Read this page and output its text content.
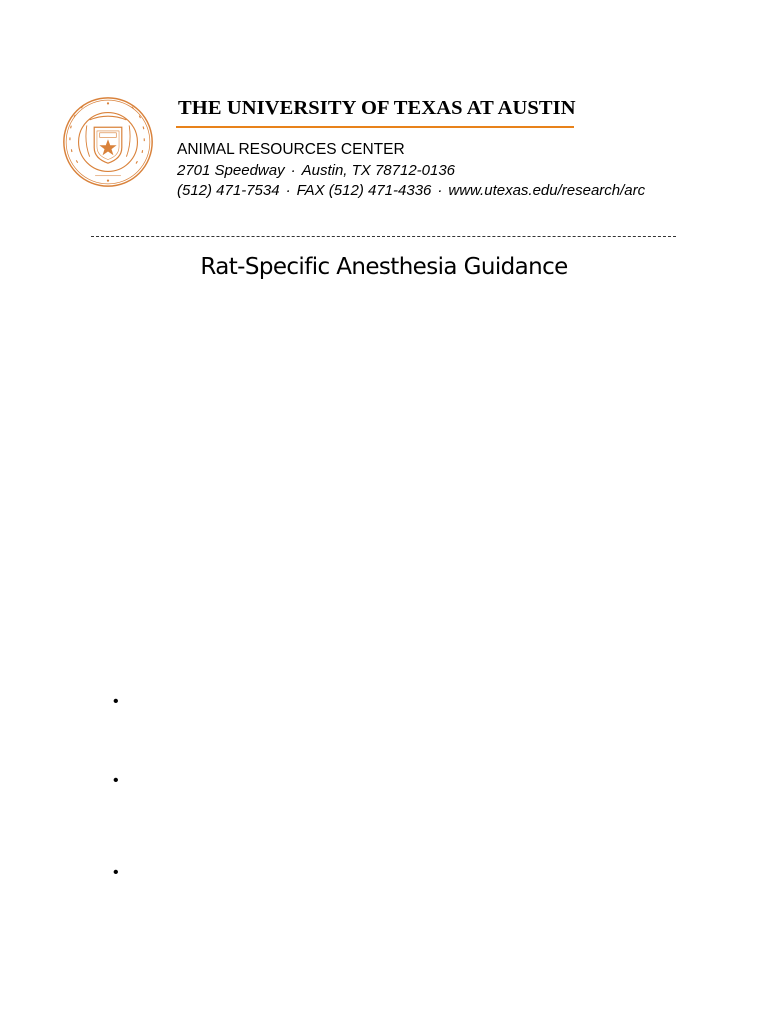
THE UNIVERSITY OF TEXAS AT AUSTIN
ANIMAL RESOURCES CENTER
2701 Speedway · Austin, TX 78712-0136
(512) 471-7534 · FAX (512) 471-4336 · www.utexas.edu/research/arc
Rat-Specific Anesthesia Guidance
•
•
•
